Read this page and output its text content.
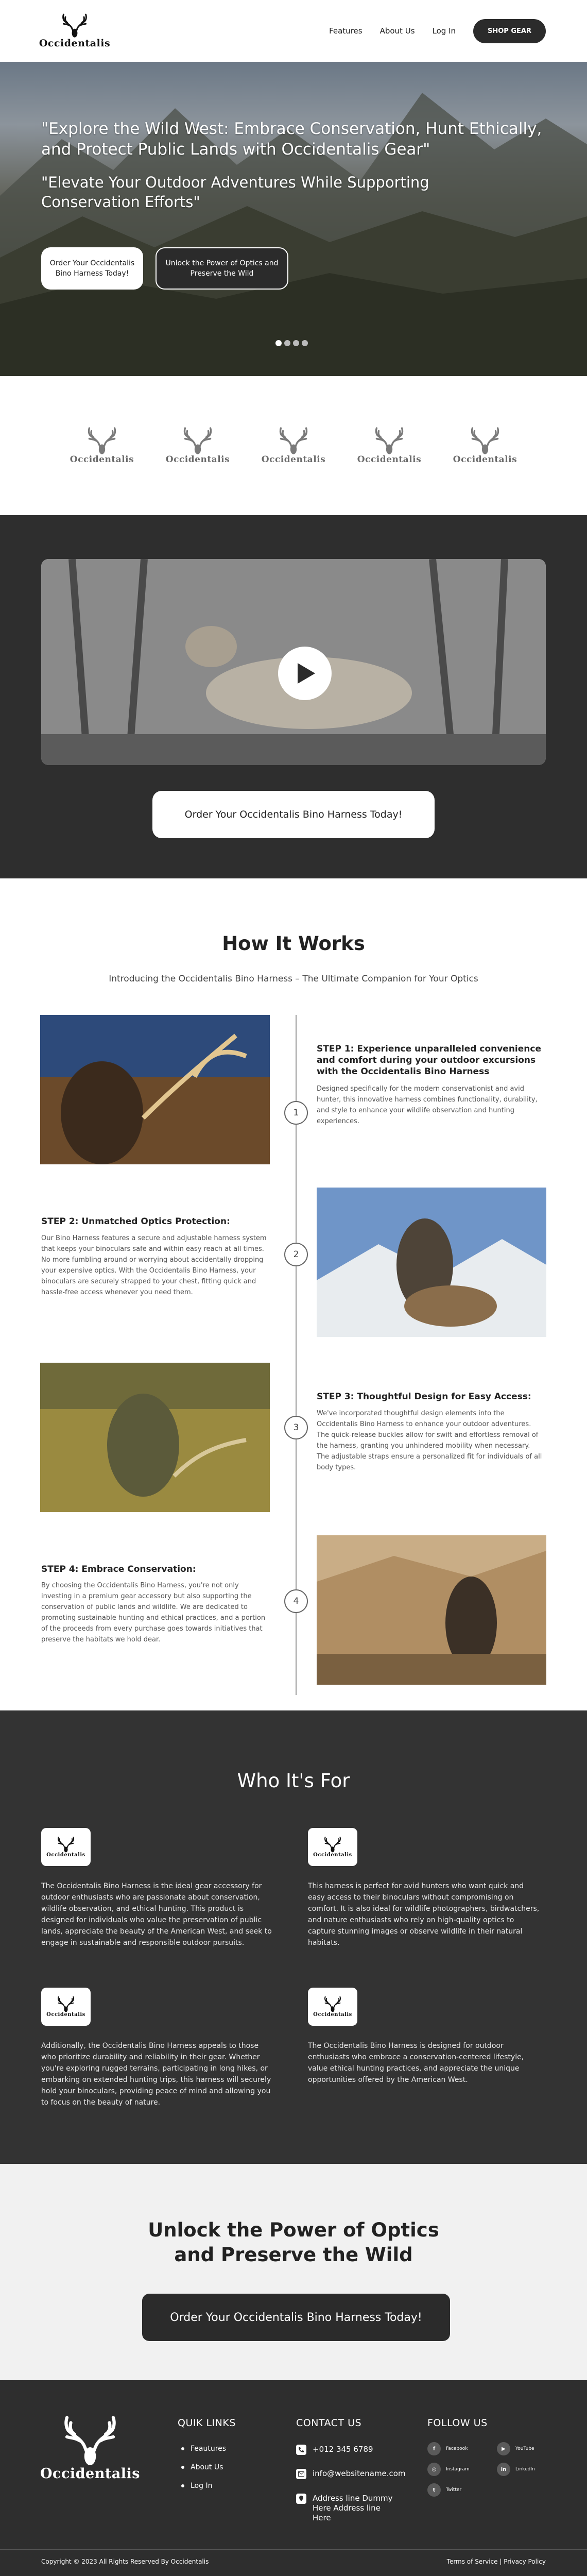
Occidentalis
Features About Us Log In	SHOP GEAR
"Explore the Wild West: Embrace Conservation, Hunt Ethically, and Protect Public Lands with Occidentalis Gear"
"Elevate Your Outdoor Adventures While Supporting Conservation Efforts"
Order Your Occidentalis Bino Harness Today!
Unlock the Power of Optics and Preserve the Wild
Occidentalis	Occidentalis	Occidentalis	Occidentalis	Occidentalis
Order Your Occidentalis Bino Harness Today!
How It Works
Introducing the Occidentalis Bino Harness – The Ultimate Companion for Your Optics
1
STEP 1: Experience unparalleled convenience and comfort during your outdoor excursions with the Occidentalis Bino Harness
Designed specifically for the modern conservationist and avid hunter, this innovative harness combines functionality, durability, and style to enhance your wildlife observation and hunting experiences.
STEP 2: Unmatched Optics Protection:
Our Bino Harness features a secure and adjustable harness system that keeps your binoculars safe and within easy reach at all times. No more fumbling around or worrying about accidentally dropping your expensive optics. With the Occidentalis Bino Harness, your binoculars are securely strapped to your chest, fitting quick and hassle-free access whenever you need them.
2
3
STEP 3: Thoughtful Design for Easy Access:
We've incorporated thoughtful design elements into the Occidentalis Bino Harness to enhance your outdoor adventures. The quick-release buckles allow for swift and effortless removal of the harness, granting you unhindered mobility when necessary. The adjustable straps ensure a personalized fit for individuals of all body types.
STEP 4: Embrace Conservation:
By choosing the Occidentalis Bino Harness, you're not only investing in a premium gear accessory but also supporting the conservation of public lands and wildlife. We are dedicated to promoting sustainable hunting and ethical practices, and a portion of the proceeds from every purchase goes towards initiatives that preserve the habitats we hold dear.
4
Who It's For
Occidentalis
The Occidentalis Bino Harness is the ideal gear accessory for outdoor enthusiasts who are passionate about conservation, wildlife observation, and ethical hunting. This product is designed for individuals who value the preservation of public lands, appreciate the beauty of the American West, and seek to engage in sustainable and responsible outdoor pursuits.
Occidentalis
This harness is perfect for avid hunters who want quick and easy access to their binoculars without compromising on comfort. It is also ideal for wildlife photographers, birdwatchers, and nature enthusiasts who rely on high-quality optics to capture stunning images or observe wildlife in their natural habitats.
Occidentalis
Additionally, the Occidentalis Bino Harness appeals to those who prioritize durability and reliability in their gear. Whether you're exploring rugged terrains, participating in long hikes, or embarking on extended hunting trips, this harness will securely hold your binoculars, providing peace of mind and allowing you to focus on the beauty of nature.
Occidentalis
The Occidentalis Bino Harness is designed for outdoor enthusiasts who embrace a conservation-centered lifestyle, value ethical hunting practices, and appreciate the unique opportunities offered by the American West.
Unlock the Power of Optics and Preserve the Wild
Order Your Occidentalis Bino Harness Today!
Occidentalis
QUIK LINKS
Feautures
About Us
Log In
CONTACT US
+012 345 6789
info@websitename.com
Address line Dummy Here Address line Here
FOLLOW US
f	Facebook	▶	YouTube
◎	Instagram	in	LinkedIn
t	Twitter
Copyright © 2023 All Rights Reserved By Occidentalis	Terms of Service | Privacy Policy
